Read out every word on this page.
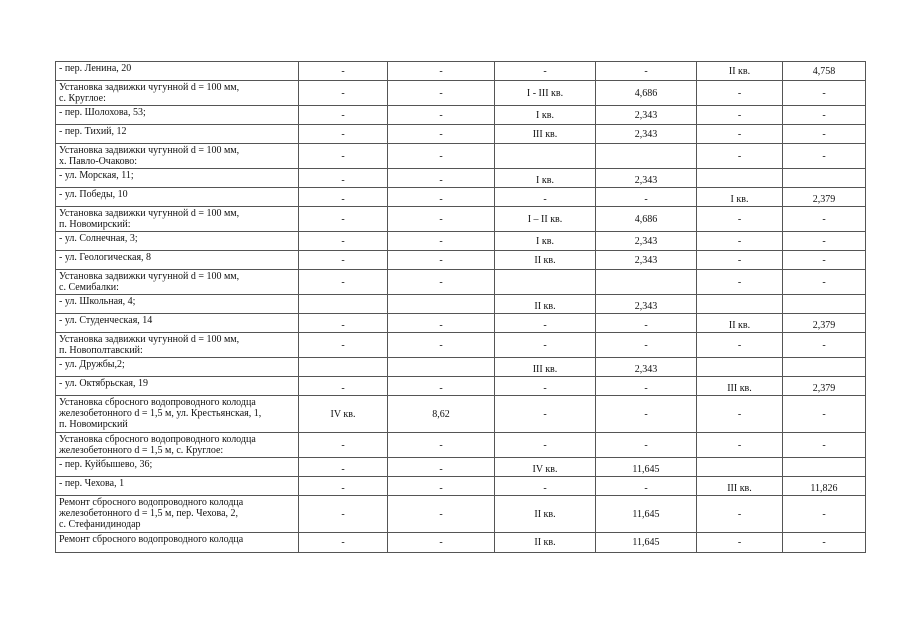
- пер. Ленина, 20	-	-	-	-	II кв.	4,758
Установка задвижки чугунной d = 100 мм,
с. Круглое:	-	-	I - III кв.	4,686	-	-
- пер. Шолохова, 53;	-	-	I кв.	2,343	-	-
- пер. Тихий, 12	-	-	III кв.	2,343	-	-
Установка задвижки чугунной d = 100 мм,
х. Павло-Очаково:	-	-			-	-
- ул. Морская, 11;	-	-	I кв.	2,343		
- ул. Победы, 10	-	-	-	-	I кв.	2,379
Установка задвижки чугунной d = 100 мм,
п. Новомирский:	-	-	I – II кв.	4,686	-	-
- ул. Солнечная, 3;	-	-	I кв.	2,343	-	-
- ул. Геологическая, 8	-	-	II кв.	2,343	-	-
Установка задвижки чугунной d = 100 мм,
с. Семибалки:	-	-			-	-
- ул. Школьная, 4;			II кв.	2,343		
- ул. Студенческая, 14	-	-	-	-	II кв.	2,379
Установка задвижки чугунной d = 100 мм,
п. Новополтавский:	-	-	-	-	-	-
- ул. Дружбы,2;			III кв.	2,343		
- ул. Октябрьская, 19	-	-	-	-	III кв.	2,379
Установка сбросного водопроводного колодца
железобетонного d = 1,5 м, ул. Крестьянская, 1,
п. Новомирский	IV кв.	8,62	-	-	-	-
Установка сбросного водопроводного колодца
железобетонного d = 1,5 м, с. Круглое:	-	-	-	-	-	-
- пер. Куйбышево, 36;	-	-	IV кв.	11,645		
- пер. Чехова, 1	-	-	-	-	III кв.	11,826
Ремонт сбросного водопроводного колодца
железобетонного d = 1,5 м, пер. Чехова, 2,
с. Стефанидинодар	-	-	II кв.	11,645	-	-
Ремонт сбросного водопроводного колодца	-	-	II кв.	11,645	-	-
